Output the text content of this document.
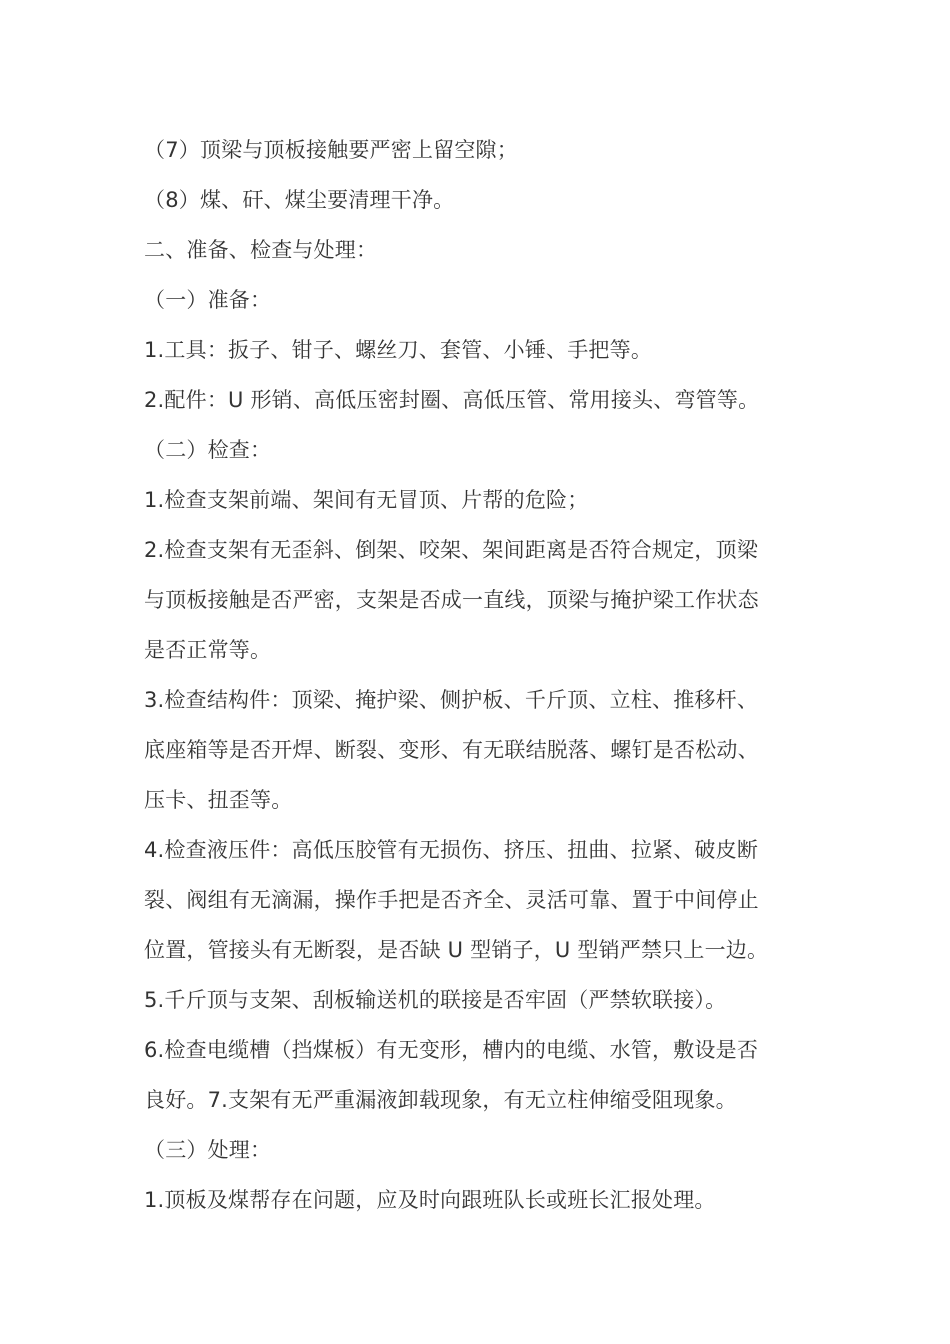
（7）顶梁与顶板接触要严密上留空隙；
（8）煤、矸、煤尘要清理干净。
二、准备、检查与处理：
（一）准备：
1.工具：扳子、钳子、螺丝刀、套管、小锤、手把等。
2.配件：U 形销、高低压密封圈、高低压管、常用接头、弯管等。
（二）检查：
1.检查支架前端、架间有无冒顶、片帮的危险；
2.检查支架有无歪斜、倒架、咬架、架间距离是否符合规定，顶梁
与顶板接触是否严密，支架是否成一直线，顶梁与掩护梁工作状态
是否正常等。
3.检查结构件：顶梁、掩护梁、侧护板、千斤顶、立柱、推移杆、
底座箱等是否开焊、断裂、变形、有无联结脱落、螺钉是否松动、
压卡、扭歪等。
4.检查液压件：高低压胶管有无损伤、挤压、扭曲、拉紧、破皮断
裂、阀组有无滴漏，操作手把是否齐全、灵活可靠、置于中间停止
位置，管接头有无断裂，是否缺 U 型销子，U 型销严禁只上一边。
5.千斤顶与支架、刮板输送机的联接是否牢固（严禁软联接）。
6.检查电缆槽（挡煤板）有无变形，槽内的电缆、水管，敷设是否
良好。7.支架有无严重漏液卸载现象，有无立柱伸缩受阻现象。
（三）处理：
1.顶板及煤帮存在问题，应及时向跟班队长或班长汇报处理。
